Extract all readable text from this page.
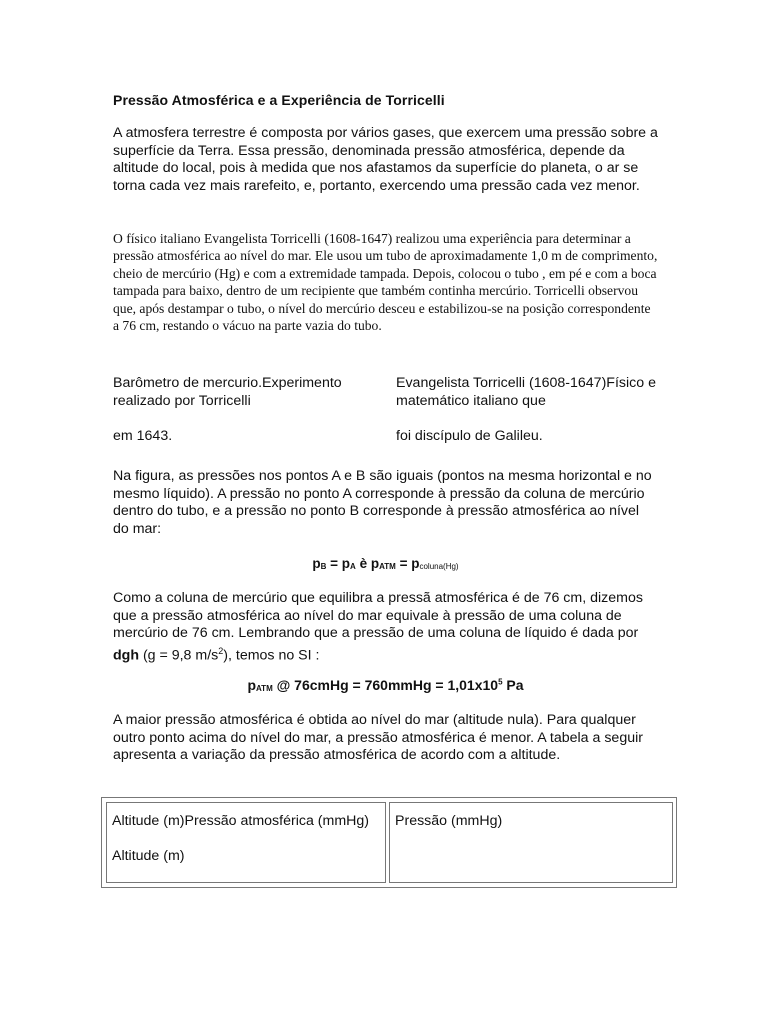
Pressão Atmosférica e a Experiência de Torricelli

A atmosfera terrestre é composta por vários gases, que exercem uma pressão sobre a superfície da Terra. Essa pressão, denominada pressão atmosférica, depende da altitude do local, pois à medida que nos afastamos da superfície do planeta, o ar se torna cada vez mais rarefeito, e, portanto, exercendo uma pressão cada vez menor.

O físico italiano Evangelista Torricelli (1608-1647) realizou uma experiência para determinar a pressão atmosférica ao nível do mar. Ele usou um tubo de aproximadamente 1,0 m de comprimento, cheio de mercúrio (Hg) e com a extremidade tampada. Depois, colocou o tubo , em pé e com a boca tampada para baixo, dentro de um recipiente que também continha mercúrio. Torricelli observou que, após destampar o tubo, o nível do mercúrio desceu e estabilizou-se na posição correspondente a 76 cm, restando o vácuo na parte vazia do tubo.

Barômetro de mercurio.Experimento realizado por Torricelli
em 1643.
Evangelista Torricelli (1608-1647)Físico e matemático italiano que
foi discípulo de Galileu.

Na figura, as pressões nos pontos A e B são iguais (pontos na mesma horizontal e no mesmo líquido). A pressão no ponto A corresponde à pressão da coluna de mercúrio dentro do tubo, e a pressão no ponto B corresponde à pressão atmosférica ao nível do mar:

$p_B = p_A$ è $p_{ATM}$ = pcoluna(Hg)

Como a coluna de mercúrio que equilibra a pressã atmosférica é de 76 cm, dizemos que a pressão atmosférica ao nível do mar equivale à pressão de uma coluna de mercúrio de 76 cm. Lembrando que a pressão de uma coluna de líquido é dada por dgh (g = 9,8 $m/s^2$), temos no SI :

$p_{ATM}$ @ 76cmHg = 760mmHg = $1,01x10^5$ Pa

A maior pressão atmosférica é obtida ao nível do mar (altitude nula). Para qualquer outro ponto acima do nível do mar, a pressão atmosférica é menor. A tabela a seguir apresenta a variação da pressão atmosférica de acordo com a altitude.

Altitude (m)Pressão atmosférica (mmHg)
Altitude (m)
Pressão (mmHg)
